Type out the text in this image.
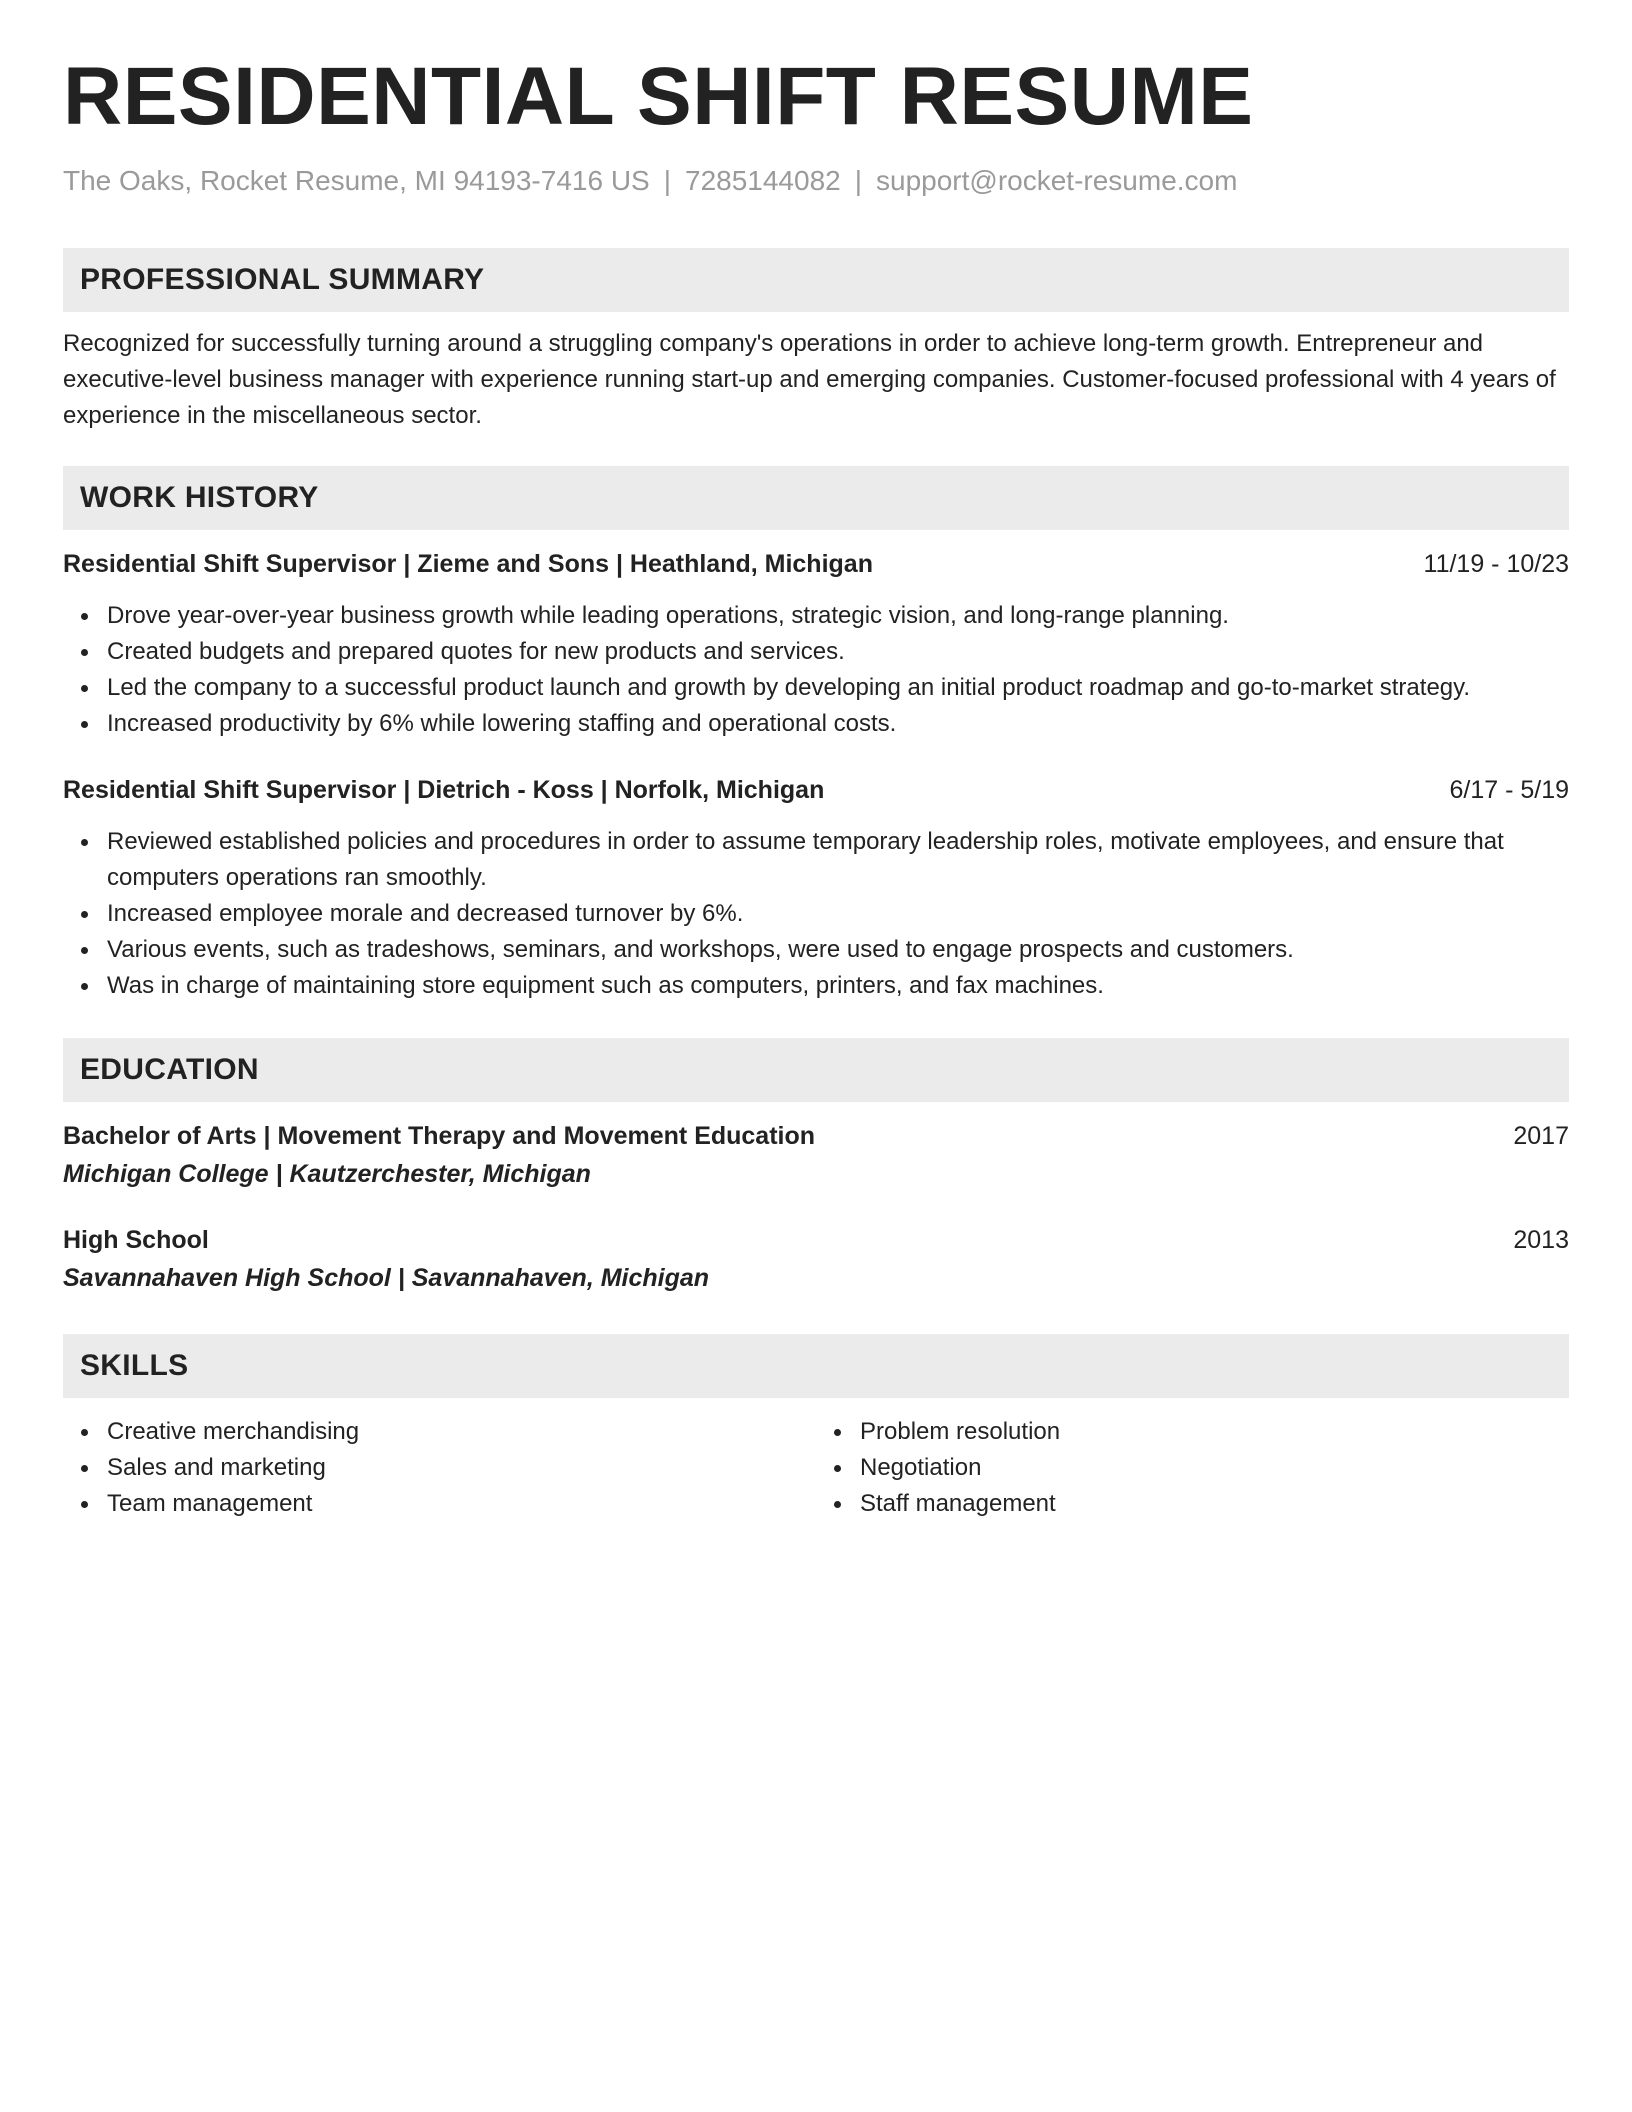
RESIDENTIAL SHIFT RESUME
The Oaks, Rocket Resume, MI 94193-7416 US | 7285144082 | support@rocket-resume.com
PROFESSIONAL SUMMARY
Recognized for successfully turning around a struggling company's operations in order to achieve long-term growth. Entrepreneur and executive-level business manager with experience running start-up and emerging companies. Customer-focused professional with 4 years of experience in the miscellaneous sector.
WORK HISTORY
Residential Shift Supervisor | Zieme and Sons | Heathland, Michigan	11/19 - 10/23
Drove year-over-year business growth while leading operations, strategic vision, and long-range planning.
Created budgets and prepared quotes for new products and services.
Led the company to a successful product launch and growth by developing an initial product roadmap and go-to-market strategy.
Increased productivity by 6% while lowering staffing and operational costs.
Residential Shift Supervisor | Dietrich - Koss | Norfolk, Michigan	6/17 - 5/19
Reviewed established policies and procedures in order to assume temporary leadership roles, motivate employees, and ensure that computers operations ran smoothly.
Increased employee morale and decreased turnover by 6%.
Various events, such as tradeshows, seminars, and workshops, were used to engage prospects and customers.
Was in charge of maintaining store equipment such as computers, printers, and fax machines.
EDUCATION
Bachelor of Arts | Movement Therapy and Movement Education	2017
Michigan College | Kautzerchester, Michigan
High School	2013
Savannahaven High School | Savannahaven, Michigan
SKILLS
Creative merchandising
Sales and marketing
Team management
Problem resolution
Negotiation
Staff management
